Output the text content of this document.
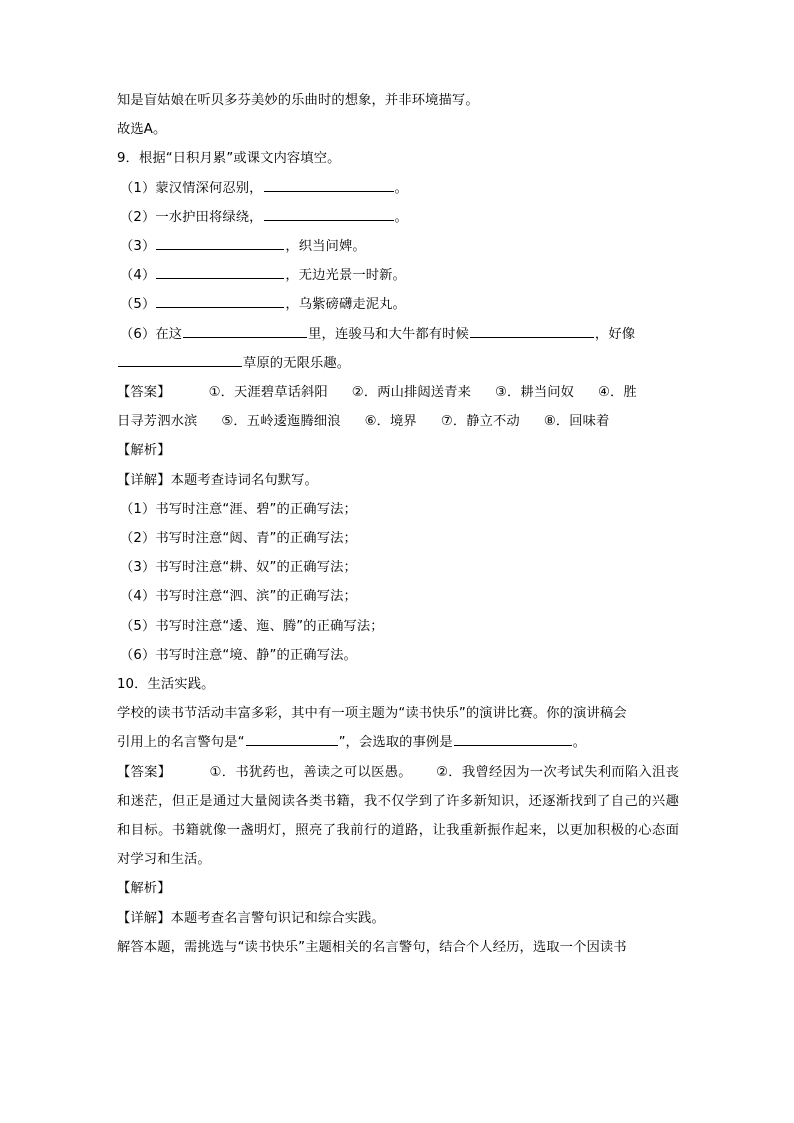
知是盲姑娘在听贝多芬美妙的乐曲时的想象，并非环境描写。
故选A。
9．根据“日积月累”或课文内容填空。
（1）蒙汉情深何忍别，	。
（2）一水护田将绿绕，	。
（3）	，织当问婢。
（4）	，无边光景一时新。
（5）	，乌紫磅礴走泥丸。
（6）在这	里，连骏马和大牛都有时候	，好像
草原的无限乐趣。
【答案】	①．天涯碧草话斜阳 ②．两山排闼送青来 ③．耕当问奴 ④．胜
日寻芳泗水滨 ⑤．五岭逶迤腾细浪 ⑥．境界 ⑦．静立不动 ⑧．回味着
【解析】
【详解】本题考查诗词名句默写。
（1）书写时注意“涯、碧”的正确写法；
（2）书写时注意“闼、青”的正确写法；
（3）书写时注意“耕、奴”的正确写法；
（4）书写时注意“泗、滨”的正确写法；
（5）书写时注意“逶、迤、腾”的正确写法；
（6）书写时注意“境、静”的正确写法。
10．生活实践。
学校的读书节活动丰富多彩，其中有一项主题为“读书快乐”的演讲比赛。你的演讲稿会
引用上的名言警句是“	”，会选取的事例是	。
【答案】	①．书犹药也，善读之可以医愚。 ②．我曾经因为一次考试失利而陷入沮丧和迷茫，但正是通过大量阅读各类书籍，我不仅学到了许多新知识，还逐渐找到了自己的兴趣和目标。书籍就像一盏明灯，照亮了我前行的道路，让我重新振作起来，以更加积极的心态面对学习和生活。
【解析】
【详解】本题考查名言警句识记和综合实践。
解答本题，需挑选与“读书快乐”主题相关的名言警句，结合个人经历，选取一个因读书
